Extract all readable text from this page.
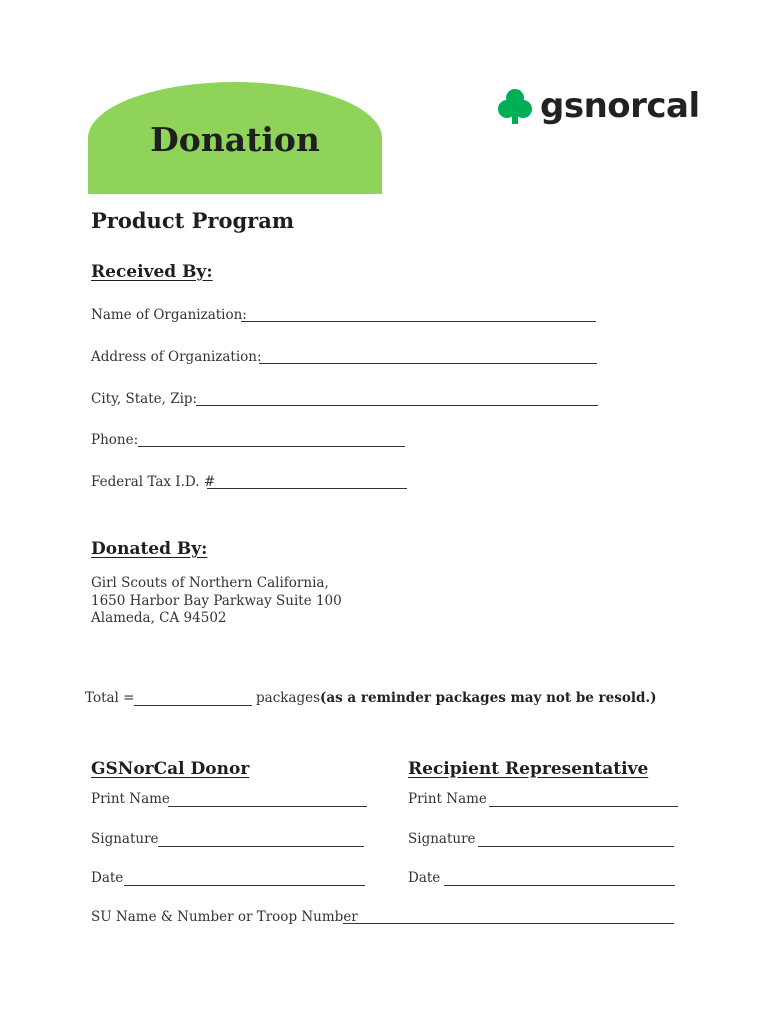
Donation
gsnorcal
Product Program
Received By:
Name of Organization:
Address of Organization:
City, State, Zip:
Phone:
Federal Tax I.D. #
Donated By:
Girl Scouts of Northern California,
1650 Harbor Bay Parkway Suite 100
Alameda, CA 94502
Total =	packages (as a reminder packages may not be resold.)
GSNorCal Donor	Recipient Representative
Print Name	Print Name
Signature	Signature
Date	Date
SU Name & Number or Troop Number
